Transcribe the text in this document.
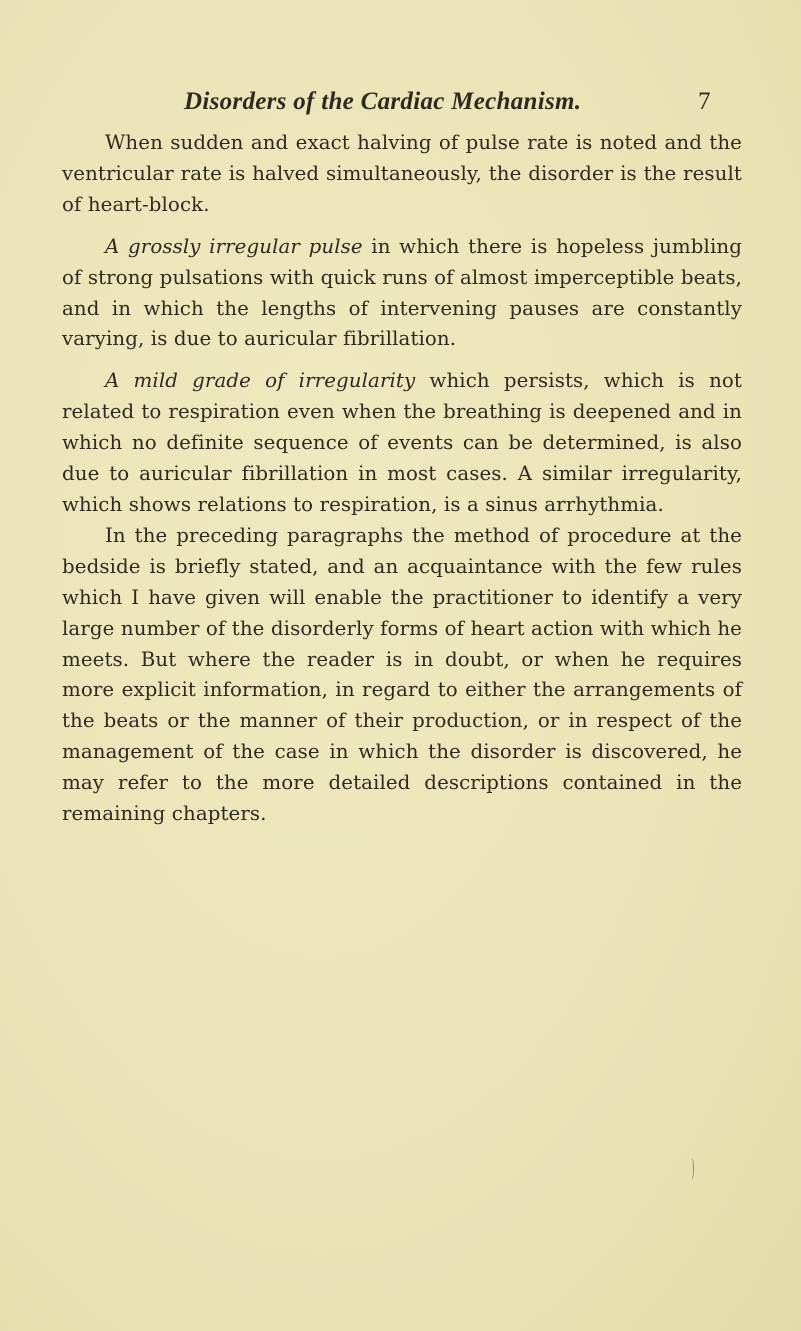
Disorders of the Cardiac Mechanism.	7

When sudden and exact halving of pulse rate is noted and the ventricular rate is halved simultaneously, the disorder is the result of heart-block.

A grossly irregular pulse in which there is hopeless jumbling of strong pulsations with quick runs of almost imperceptible beats, and in which the lengths of intervening pauses are constantly varying, is due to auricular fibrillation.

A mild grade of irregularity which persists, which is not related to respiration even when the breathing is deepened and in which no definite sequence of events can be determined, is also due to auricular fibrillation in most cases. A similar irregularity, which shows relations to respiration, is a sinus arrhythmia.

In the preceding paragraphs the method of procedure at the bedside is briefly stated, and an acquaintance with the few rules which I have given will enable the practitioner to identify a very large number of the disorderly forms of heart action with which he meets. But where the reader is in doubt, or when he requires more explicit information, in regard to either the arrangements of the beats or the manner of their production, or in respect of the management of the case in which the disorder is discovered, he may refer to the more detailed descriptions contained in the remaining chapters.
